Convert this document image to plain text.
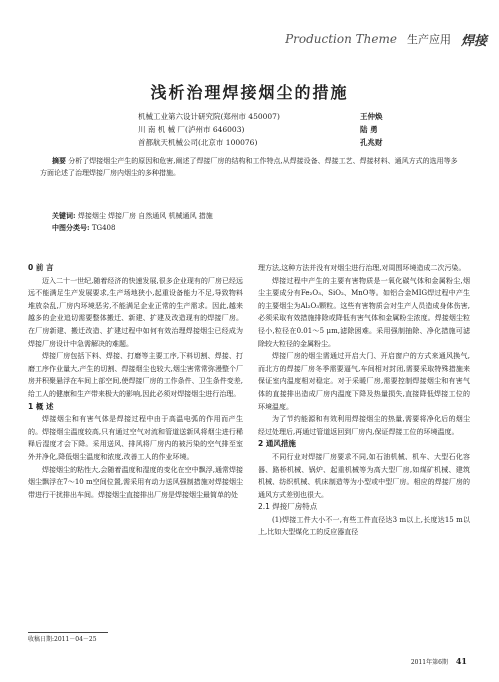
Production Theme 生产应用 焊接
浅析治理焊接烟尘的措施
机械工业第六设计研究院(郑州市 450007)	王仲焕
川 南 机 械 厂(泸州市 646003)	陆 勇
首都航天机械公司(北京市 100076)	孔兆财
摘要 分析了焊接烟尘产生的原因和危害,阐述了焊接厂房的结构和工作特点,从焊接设备、焊接工艺、焊接材料、通风方式的选用等多方面论述了治理焊接厂房内烟尘的多种措施。
关键词: 焊接烟尘 焊接厂房 自然通风 机械通风 措施
中图分类号: TG408

0 前 言

迈入二十一世纪,随着经济的快速发展,很多企业现有的厂房已经远远不能满足生产发展要求,生产场地狭小,起重设备能力不足,导致物料堆放杂乱,厂房内环境恶劣,不能满足企业正常的生产需求。因此,越来越多的企业追切需要整体搬迁、新建、扩建及改造现有的焊接厂房。在厂房新建、搬迁改造、扩建过程中如何有效治理焊接烟尘已经成为焊接厂房设计中急需解决的难题。

焊接厂房包括下料、焊接、打磨等主要工序,下料切割、焊接、打磨工序作业量大,产生的切割、焊接烟尘也较大,烟尘害常常弥漫整个厂房并积聚悬浮在车间上部空间,使焊接厂房的工作条件、卫生条件变差,给工人的健康和生产带来极大的影响,因此必须对焊接烟尘进行治理。

1 概 述

焊接烟尘和有害气体是焊接过程中由于高温电弧的作用而产生的。焊接烟尘温度较高,只有通过空气对流和管道送新风将烟尘进行稀释后湿度才会下降。采用送风、排风将厂房内的被污染的空气排至室外并净化,降低烟尘温度和浓度,改善工人的作业环境。

焊接烟尘的粘性大,会随着温度和湿度的变化在空中飘浮,通常焊接烟尘飘浮在7～10 m空间位置,需采用有动力送风强制措施对焊接烟尘带进行干扰排出车间。焊接烟尘直接排出厂房是焊接烟尘最简单的处

理方法,这种方法并没有对烟尘进行治理,对周围环境造成二次污染。

焊接过程中产生的主要有害物质是一氧化碳气体和金属粉尘,烟尘主要成分有Fe₂O₃、SiO₂、MnO等。如铝合金MIG焊过程中产生的主要烟尘为Al₂O₃颗粒。这些有害物质会对生产人员造成身体伤害,必须采取有效措施排除或降低有害气体和金属粉尘浓度。焊接烟尘粒径小,粒径在0.01～5 μm,滤除困难。采用强制抽除、净化措施可滤除较大粒径的金属粉尘。

焊接厂房的烟尘需通过开启大门、开启窗户的方式来通风换气,而北方的焊接厂房冬季需要逼气,车间相对封闭,需要采取特殊措施来保证室内温度相对稳定。对于采暖厂房,需要控制焊接烟尘和有害气体的直接排出造成厂房内温度下降及热量损失,直接降低焊接工位的环境温度。

为了节约能源和有效利用焊接烟尘的热量,需要将净化后的烟尘经过处理后,再通过管道返回到厂房内,保证焊接工位的环境温度。

2 通风措施

不同行业对焊接厂房要求不同,如石油机械、机车、大型石化容器、路桥机械、锅炉、起重机械等为高大型厂房,如煤矿机械、建筑机械、纺织机械、机床制造等为小型或中型厂房。相应的焊接厂房的通风方式差别也很大。

2.1 焊接厂房特点

(1)焊接工件大小不一,有些工件直径达3 m以上,长度达15 m以上,比如大型煤化工的反应器直径

收稿日期:2011－04－25
2011年第6期 41
